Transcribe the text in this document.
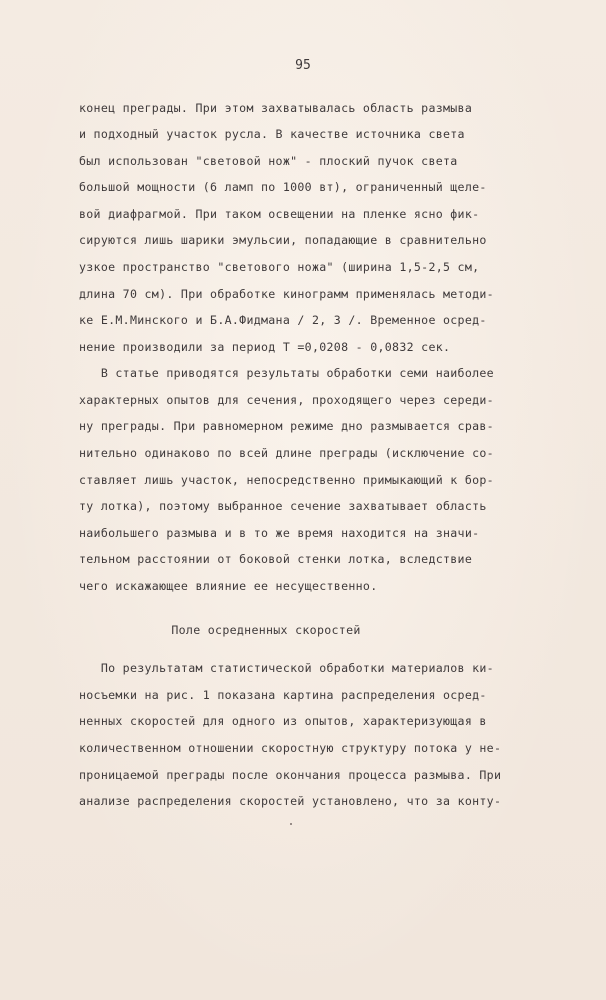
95

конец преграды. При этом захватывалась область размыва

и подходный участок русла. В качестве источника света

был использован "световой нож" - плоский пучок света

большой мощности (6 ламп по 1000 вт), ограниченный щеле-

вой диафрагмой. При таком освещении на пленке ясно фик-

сируются лишь шарики эмульсии, попадающие в сравнительно

узкое пространство "светового ножа" (ширина 1,5-2,5 см,

длина 70 см). При обработке кинограмм применялась методи-

ке Е.М.Минского и Б.А.Фидмана / 2, 3 /. Временное осред-

нение производили за период T =0,0208 - 0,0832 сек.

В статье приводятся результаты обработки семи наиболее

характерных опытов для сечения, проходящего через середи-

ну преграды. При равномерном режиме дно размывается срав-

нительно одинаково по всей длине преграды (исключение со-

ставляет лишь участок, непосредственно примыкающий к бор-

ту лотка), поэтому выбранное сечение захватывает область

наибольшего размыва и в то же время находится на значи-

тельном расстоянии от боковой стенки лотка, вследствие

чего искажающее влияние ее несущественно.

Поле осредненных скоростей

По результатам статистической обработки материалов ки-

носъемки на рис. 1 показана картина распределения осред-

ненных скоростей для одного из опытов, характеризующая в

количественном отношении скоростную структуру потока у не-

проницаемой преграды после окончания процесса размыва. При

анализе распределения скоростей установлено, что за конту-
